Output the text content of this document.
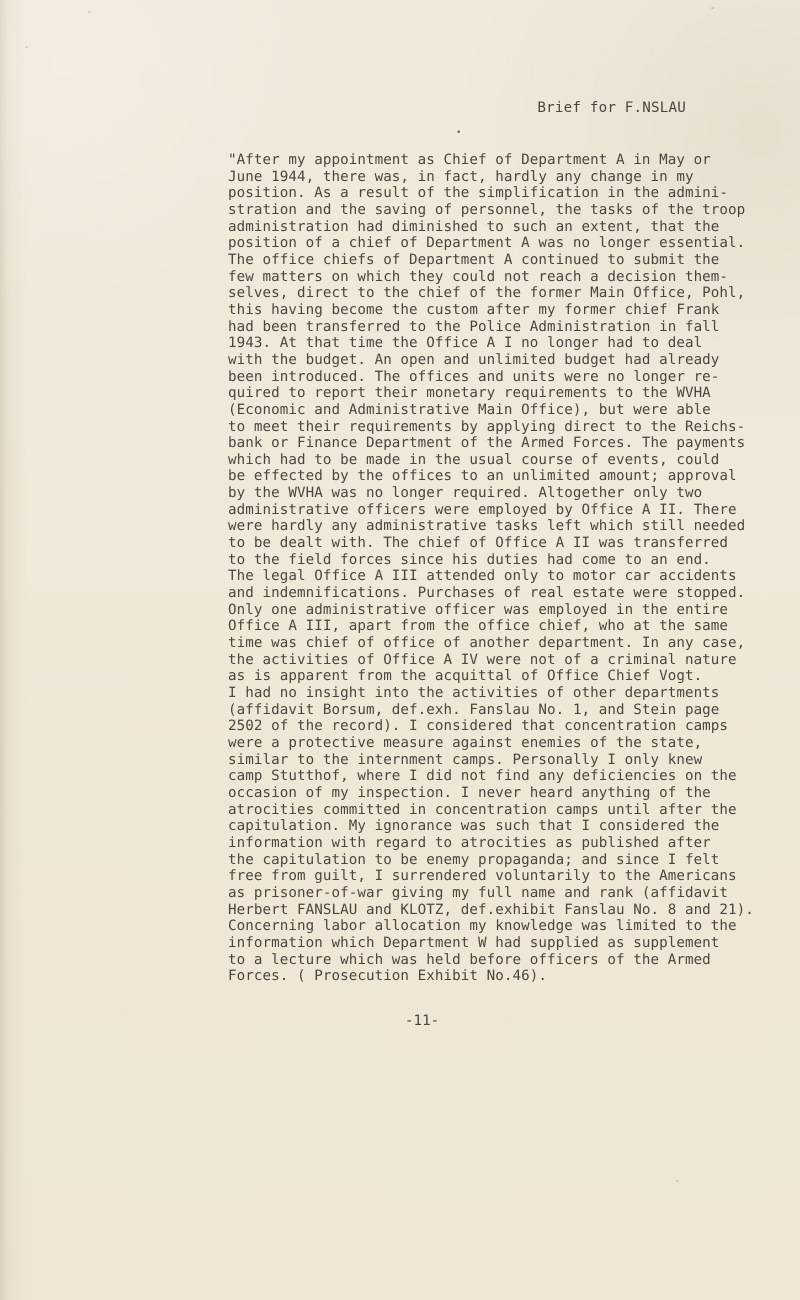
Brief for F.NSLAU
•
"After my appointment as Chief of Department A in May or
June 1944, there was, in fact, hardly any change in my
position. As a result of the simplification in the admini-
stration and the saving of personnel, the tasks of the troop
administration had diminished to such an extent, that the
position of a chief of Department A was no longer essential.
The office chiefs of Department A continued to submit the
few matters on which they could not reach a decision them-
selves, direct to the chief of the former Main Office, Pohl,
this having become the custom after my former chief Frank
had been transferred to the Police Administration in fall
1943. At that time the Office A I no longer had to deal
with the budget. An open and unlimited budget had already
been introduced. The offices and units were no longer re-
quired to report their monetary requirements to the WVHA
(Economic and Administrative Main Office), but were able
to meet their requirements by applying direct to the Reichs-
bank or Finance Department of the Armed Forces. The payments
which had to be made in the usual course of events, could
be effected by the offices to an unlimited amount; approval
by the WVHA was no longer required. Altogether only two
administrative officers were employed by Office A II. There
were hardly any administrative tasks left which still needed
to be dealt with. The chief of Office A II was transferred
to the field forces since his duties had come to an end.
The legal Office A III attended only to motor car accidents
and indemnifications. Purchases of real estate were stopped.
Only one administrative officer was employed in the entire
Office A III, apart from the office chief, who at the same
time was chief of office of another department. In any case,
the activities of Office A IV were not of a criminal nature
as is apparent from the acquittal of Office Chief Vogt.
I had no insight into the activities of other departments
(affidavit Borsum, def.exh. Fanslau No. 1, and Stein page
2502 of the record). I considered that concentration camps
were a protective measure against enemies of the state,
similar to the internment camps. Personally I only knew
camp Stutthof, where I did not find any deficiencies on the
occasion of my inspection. I never heard anything of the
atrocities committed in concentration camps until after the
capitulation. My ignorance was such that I considered the
information with regard to atrocities as published after
the capitulation to be enemy propaganda; and since I felt
free from guilt, I surrendered voluntarily to the Americans
as prisoner-of-war giving my full name and rank (affidavit
Herbert FANSLAU and KLOTZ, def.exhibit Fanslau No. 8 and 21).
Concerning labor allocation my knowledge was limited to the
information which Department W had supplied as supplement
to a lecture which was held before officers of the Armed
Forces. ( Prosecution Exhibit No.46).
-11-
